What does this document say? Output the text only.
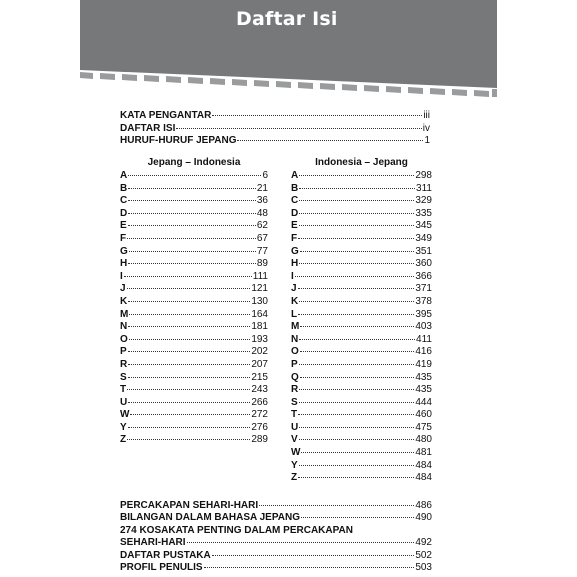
Daftar Isi
KATA PENGANTAR	iii
DAFTAR ISI	iv
HURUF-HURUF JEPANG	1
Jepang – Indonesia	Indonesia – Jepang
A	6
B	21
C	36
D	48
E	62
F	67
G	77
H	89
I	111
J	121
K	130
M	164
N	181
O	193
P	202
R	207
S	215
T	243
U	266
W	272
Y	276
Z	289
A	298
B	311
C	329
D	335
E	345
F	349
G	351
H	360
I	366
J	371
K	378
L	395
M	403
N	411
O	416
P	419
Q	435
R	435
S	444
T	460
U	475
V	480
W	481
Y	484
Z	484
PERCAKAPAN SEHARI-HARI	486
BILANGAN DALAM BAHASA JEPANG	490
274 KOSAKATA PENTING DALAM PERCAKAPAN
SEHARI-HARI	492
DAFTAR PUSTAKA	502
PROFIL PENULIS	503
